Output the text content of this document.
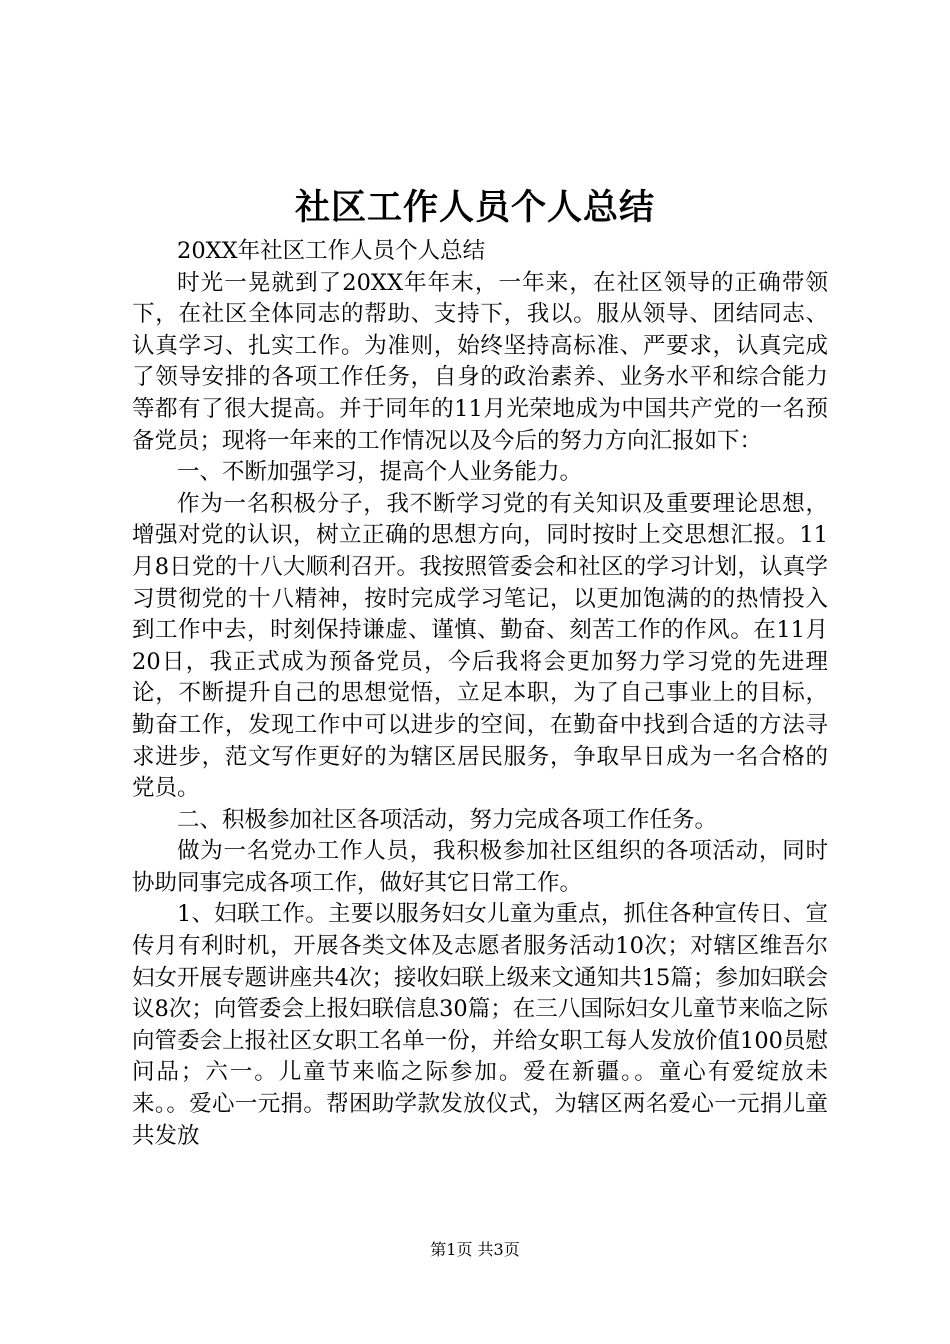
社区工作人员个人总结

20XX年社区工作人员个人总结

时光一晃就到了20XX年年末，一年来，在社区领导的正确带领下，在社区全体同志的帮助、支持下，我以。服从领导、团结同志、认真学习、扎实工作。为准则，始终坚持高标准、严要求，认真完成了领导安排的各项工作任务，自身的政治素养、业务水平和综合能力等都有了很大提高。并于同年的11月光荣地成为中国共产党的一名预备党员；现将一年来的工作情况以及今后的努力方向汇报如下：

一、不断加强学习，提高个人业务能力。

作为一名积极分子，我不断学习党的有关知识及重要理论思想，增强对党的认识，树立正确的思想方向，同时按时上交思想汇报。11月8日党的十八大顺利召开。我按照管委会和社区的学习计划，认真学习贯彻党的十八精神，按时完成学习笔记，以更加饱满的的热情投入到工作中去，时刻保持谦虚、谨慎、勤奋、刻苦工作的作风。在11月20日，我正式成为预备党员，今后我将会更加努力学习党的先进理论，不断提升自己的思想觉悟，立足本职，为了自己事业上的目标，勤奋工作，发现工作中可以进步的空间，在勤奋中找到合适的方法寻求进步，范文写作更好的为辖区居民服务，争取早日成为一名合格的党员。

二、积极参加社区各项活动，努力完成各项工作任务。

做为一名党办工作人员，我积极参加社区组织的各项活动，同时协助同事完成各项工作，做好其它日常工作。

1、妇联工作。主要以服务妇女儿童为重点，抓住各种宣传日、宣传月有利时机，开展各类文体及志愿者服务活动10次；对辖区维吾尔妇女开展专题讲座共4次；接收妇联上级来文通知共15篇；参加妇联会议8次；向管委会上报妇联信息30篇；在三八国际妇女儿童节来临之际向管委会上报社区女职工名单一份，并给女职工每人发放价值100员慰问品；六一。儿童节来临之际参加。爱在新疆。。童心有爱绽放未来。。爱心一元捐。帮困助学款发放仪式，为辖区两名爱心一元捐儿童共发放

第1页 共3页
